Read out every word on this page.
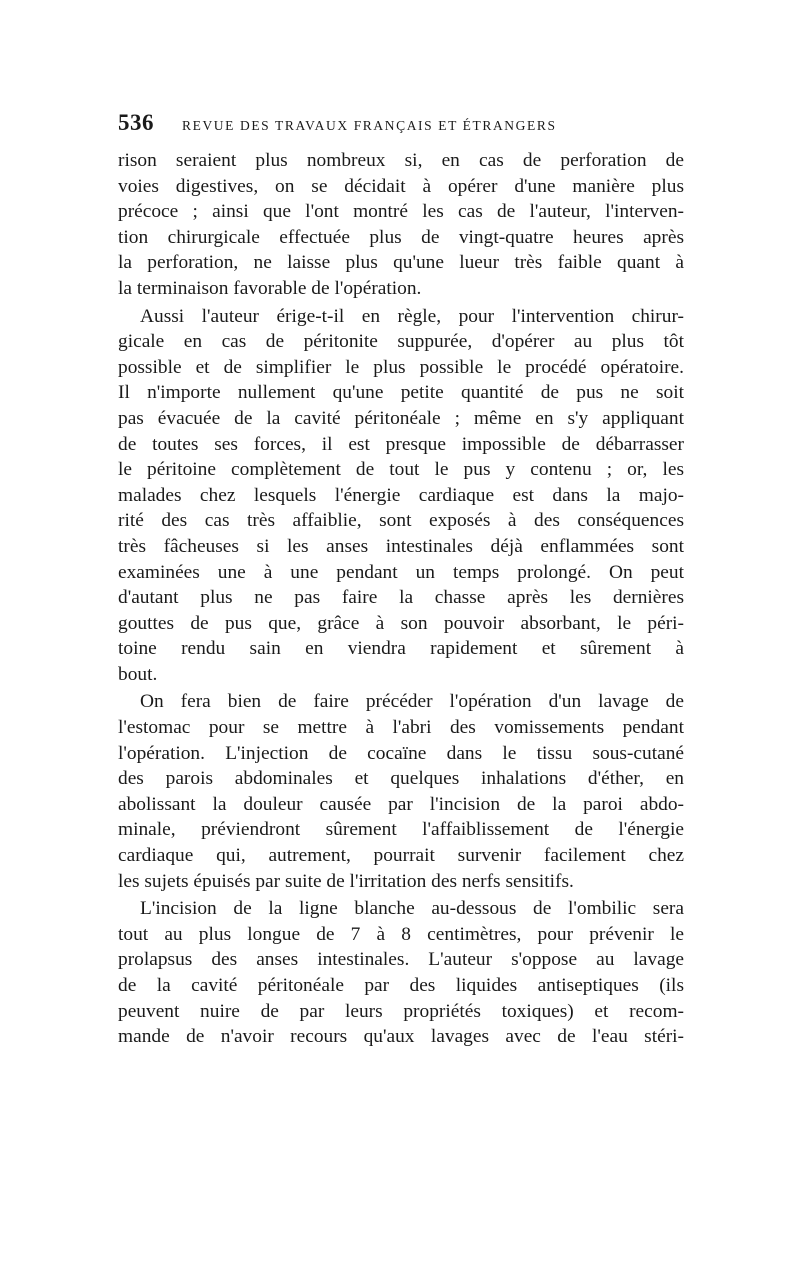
536	REVUE DES TRAVAUX FRANÇAIS ET ÉTRANGERS
rison seraient plus nombreux si, en cas de perforation de
voies digestives, on se décidait à opérer d'une manière plus
précoce ; ainsi que l'ont montré les cas de l'auteur, l'interven-
tion chirurgicale effectuée plus de vingt-quatre heures après
la perforation, ne laisse plus qu'une lueur très faible quant à
la terminaison favorable de l'opération.
Aussi l'auteur érige-t-il en règle, pour l'intervention chirur-
gicale en cas de péritonite suppurée, d'opérer au plus tôt
possible et de simplifier le plus possible le procédé opératoire.
Il n'importe nullement qu'une petite quantité de pus ne soit
pas évacuée de la cavité péritonéale ; même en s'y appliquant
de toutes ses forces, il est presque impossible de débarrasser
le péritoine complètement de tout le pus y contenu ; or, les
malades chez lesquels l'énergie cardiaque est dans la majo-
rité des cas très affaiblie, sont exposés à des conséquences
très fâcheuses si les anses intestinales déjà enflammées sont
examinées une à une pendant un temps prolongé. On peut
d'autant plus ne pas faire la chasse après les dernières
gouttes de pus que, grâce à son pouvoir absorbant, le péri-
toine rendu sain en viendra rapidement et sûrement à
bout.
On fera bien de faire précéder l'opération d'un lavage de
l'estomac pour se mettre à l'abri des vomissements pendant
l'opération. L'injection de cocaïne dans le tissu sous-cutané
des parois abdominales et quelques inhalations d'éther, en
abolissant la douleur causée par l'incision de la paroi abdo-
minale, préviendront sûrement l'affaiblissement de l'énergie
cardiaque qui, autrement, pourrait survenir facilement chez
les sujets épuisés par suite de l'irritation des nerfs sensitifs.
L'incision de la ligne blanche au-dessous de l'ombilic sera
tout au plus longue de 7 à 8 centimètres, pour prévenir le
prolapsus des anses intestinales. L'auteur s'oppose au lavage
de la cavité péritonéale par des liquides antiseptiques (ils
peuvent nuire de par leurs propriétés toxiques) et recom-
mande de n'avoir recours qu'aux lavages avec de l'eau stéri-
